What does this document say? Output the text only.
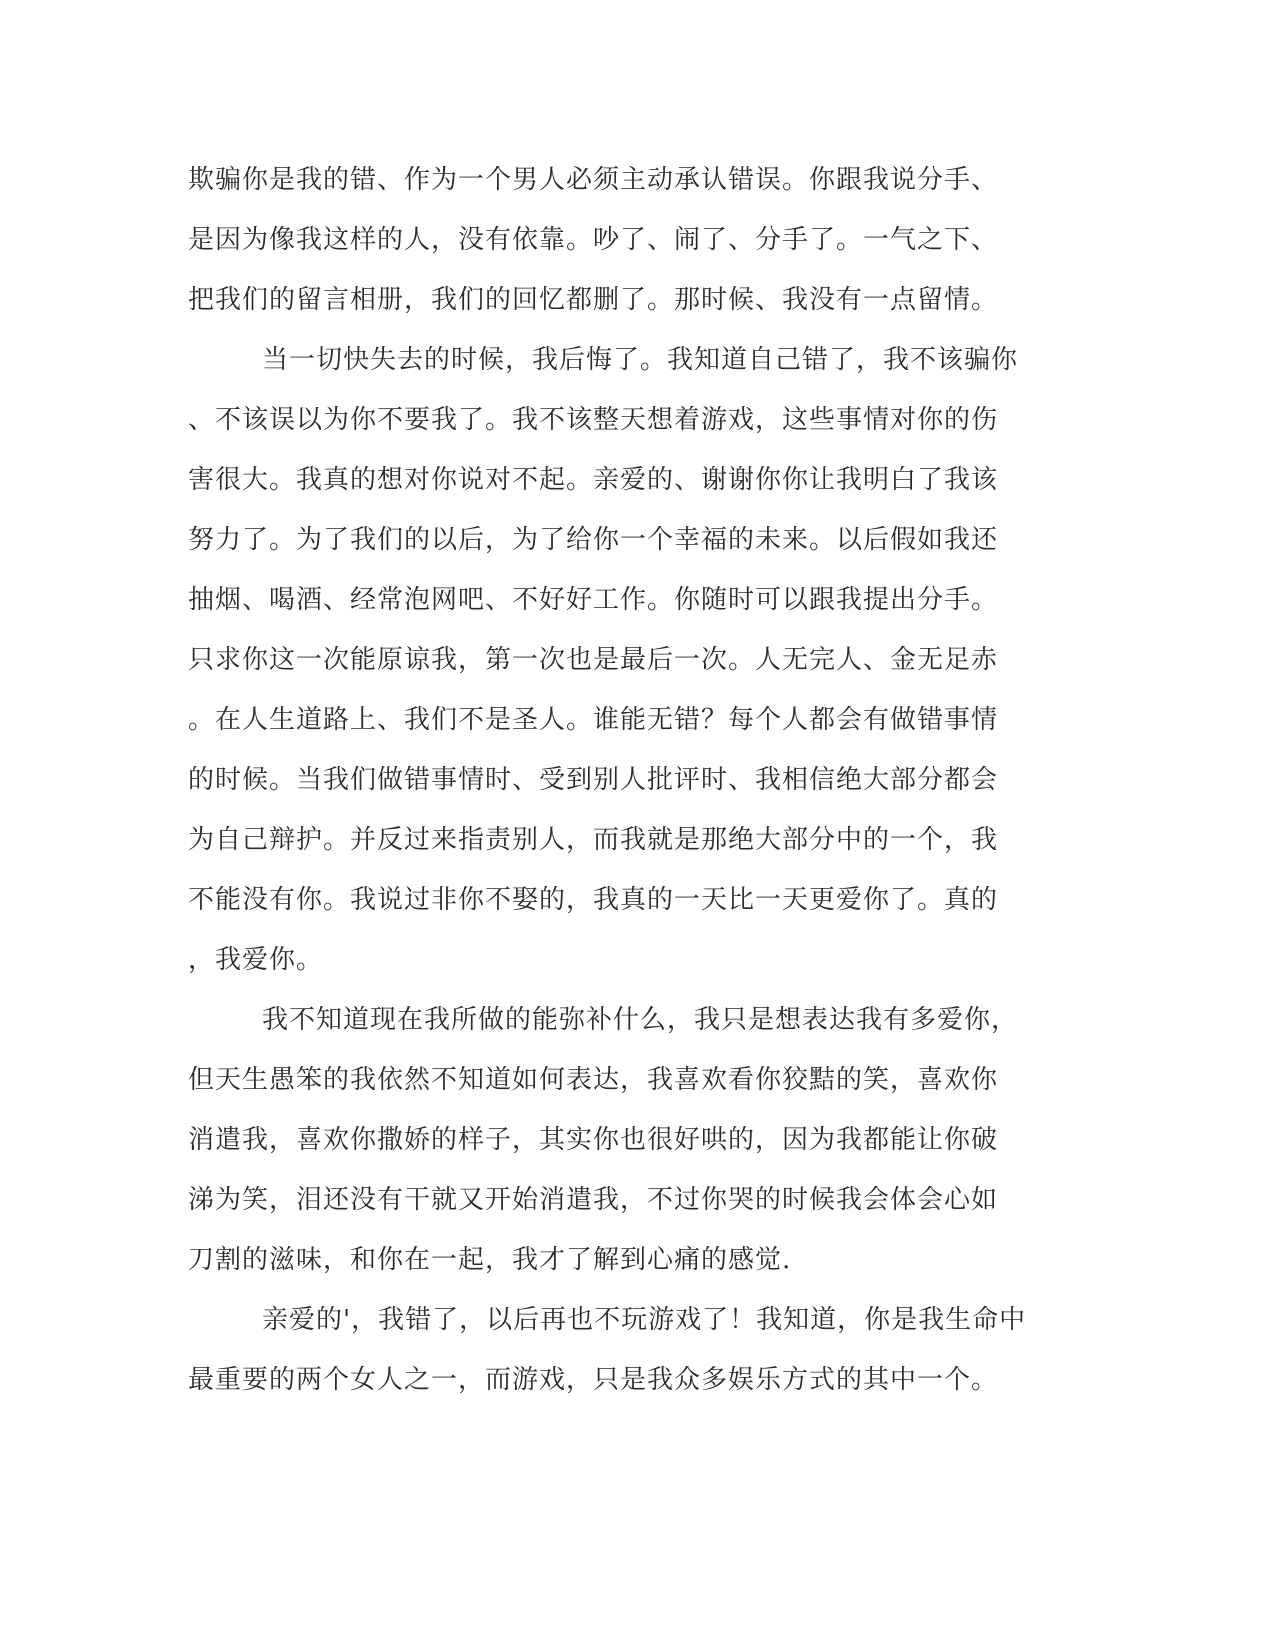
欺骗你是我的错、作为一个男人必须主动承认错误。你跟我说分手、
是因为像我这样的人，没有依靠。吵了、闹了、分手了。一气之下、
把我们的留言相册，我们的回忆都删了。那时候、我没有一点留情。
当一切快失去的时候，我后悔了。我知道自己错了，我不该骗你
、不该误以为你不要我了。我不该整天想着游戏，这些事情对你的伤
害很大。我真的想对你说对不起。亲爱的、谢谢你你让我明白了我该
努力了。为了我们的以后，为了给你一个幸福的未来。以后假如我还
抽烟、喝酒、经常泡网吧、不好好工作。你随时可以跟我提出分手。
只求你这一次能原谅我，第一次也是最后一次。人无完人、金无足赤
。在人生道路上、我们不是圣人。谁能无错？每个人都会有做错事情
的时候。当我们做错事情时、受到别人批评时、我相信绝大部分都会
为自己辩护。并反过来指责别人，而我就是那绝大部分中的一个，我
不能没有你。我说过非你不娶的，我真的一天比一天更爱你了。真的
，我爱你。
我不知道现在我所做的能弥补什么，我只是想表达我有多爱你，
但天生愚笨的我依然不知道如何表达，我喜欢看你狡黠的笑，喜欢你
消遣我，喜欢你撒娇的样子，其实你也很好哄的，因为我都能让你破
涕为笑，泪还没有干就又开始消遣我，不过你哭的时候我会体会心如
刀割的滋味，和你在一起，我才了解到心痛的感觉.
亲爱的'，我错了，以后再也不玩游戏了！我知道，你是我生命中
最重要的两个女人之一，而游戏，只是我众多娱乐方式的其中一个。
